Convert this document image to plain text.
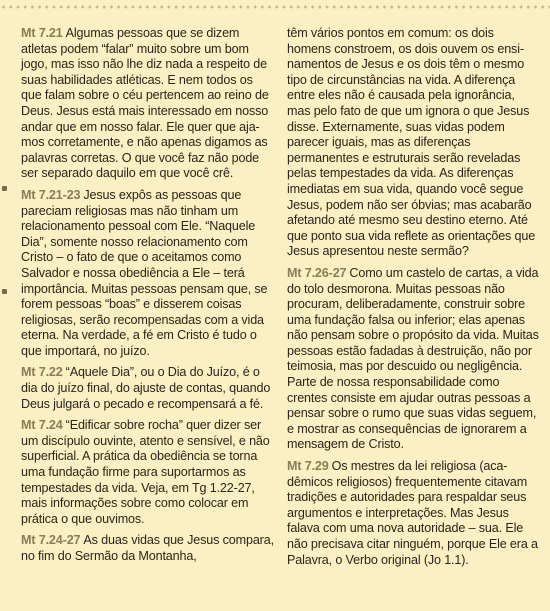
Mt 7.21 Algumas pessoas que se dizem atletas podem “falar” muito sobre um bom jogo, mas isso não lhe diz nada a respeito de suas habilidades atléticas. E nem todos os que falam sobre o céu pertencem ao reino de Deus. Jesus está mais interessado em nosso andar que em nosso falar. Ele quer que ajamos corretamente, e não apenas digamos as palavras corretas. O que você faz não pode ser separado daquilo em que você crê.

Mt 7.21-23 Jesus expôs as pessoas que pareciam religiosas mas não tinham um relacionamento pessoal com Ele. “Naquele Dia”, somente nosso relacionamento com Cristo – o fato de que o aceitamos como Salvador e nossa obediência a Ele – terá importância. Muitas pessoas pensam que, se forem pessoas “boas” e disserem coisas religiosas, serão recompensadas com a vida eterna. Na verdade, a fé em Cristo é tudo o que importará, no juízo.

Mt 7.22 “Aquele Dia”, ou o Dia do Juízo, é o dia do juízo final, do ajuste de contas, quando Deus julgará o pecado e recompensará a fé.

Mt 7.24 “Edificar sobre rocha” quer dizer ser um discípulo ouvinte, atento e sensível, e não superficial. A prática da obediência se torna uma fundação firme para suportarmos as tempestades da vida. Veja, em Tg 1.22-27, mais informações sobre como colocar em prática o que ouvimos.

Mt 7.24-27 As duas vidas que Jesus compara, no fim do Sermão da Montanha,

têm vários pontos em comum: os dois homens constroem, os dois ouvem os ensinamentos de Jesus e os dois têm o mesmo tipo de circunstâncias na vida. A diferença entre eles não é causada pela ignorância, mas pelo fato de que um ignora o que Jesus disse. Externamente, suas vidas podem parecer iguais, mas as diferenças permanentes e estruturais serão reveladas pelas tempestades da vida. As diferenças imediatas em sua vida, quando você segue Jesus, podem não ser óbvias; mas acabarão afetando até mesmo seu destino eterno. Até que ponto sua vida reflete as orientações que Jesus apresentou neste sermão?

Mt 7.26-27 Como um castelo de cartas, a vida do tolo desmorona. Muitas pessoas não procuram, deliberadamente, construir sobre uma fundação falsa ou inferior; elas apenas não pensam sobre o propósito da vida. Muitas pessoas estão fadadas à destruição, não por teimosia, mas por descuido ou negligência. Parte de nossa responsabilidade como crentes consiste em ajudar outras pessoas a pensar sobre o rumo que suas vidas seguem, e mostrar as consequências de ignorarem a mensagem de Cristo.

Mt 7.29 Os mestres da lei religiosa (acadêmicos religiosos) frequentemente citavam tradições e autoridades para respaldar seus argumentos e interpretações. Mas Jesus falava com uma nova autoridade – sua. Ele não precisava citar ninguém, porque Ele era a Palavra, o Verbo original (Jo 1.1).
